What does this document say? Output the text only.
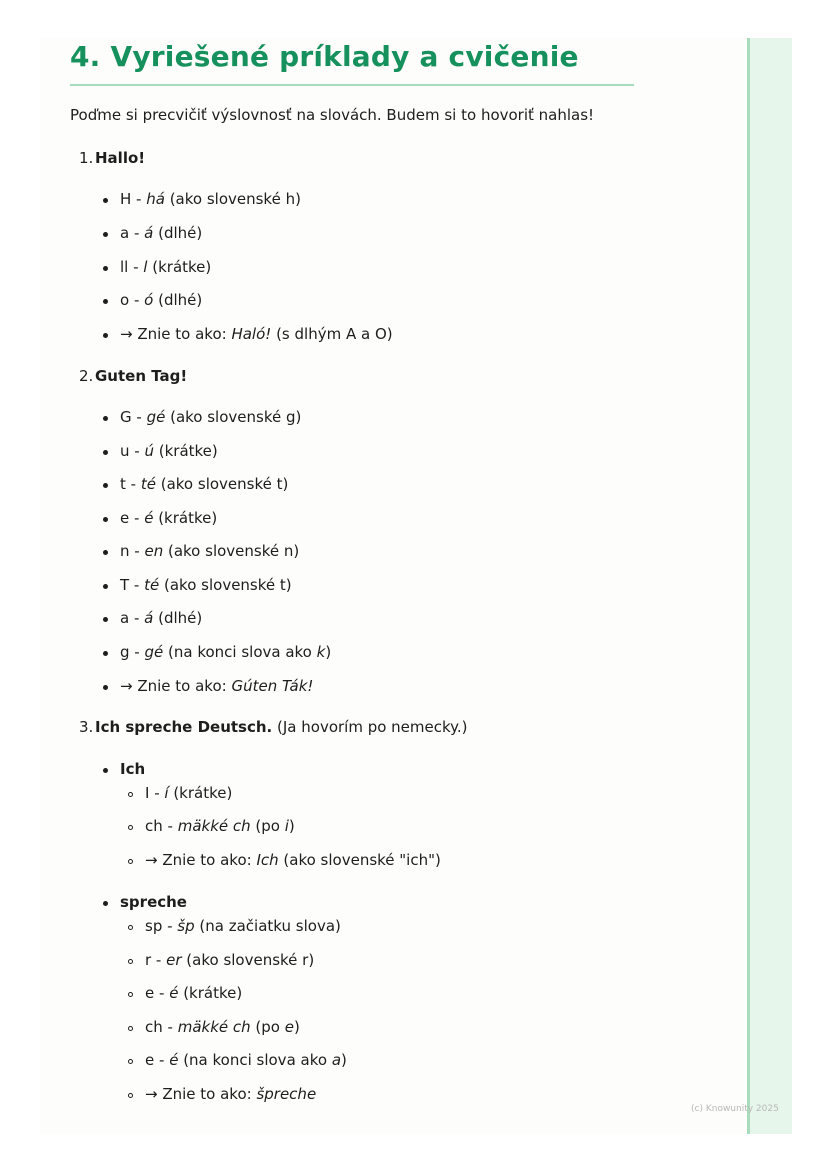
4. Vyriešené príklady a cvičenie
Poďme si precvičiť výslovnosť na slovách. Budem si to hovoriť nahlas!
1. Hallo!
H - há (ako slovenské h)
a - á (dlhé)
ll - l (krátke)
o - ó (dlhé)
→ Znie to ako: Haló! (s dlhým A a O)
2. Guten Tag!
G - gé (ako slovenské g)
u - ú (krátke)
t - té (ako slovenské t)
e - é (krátke)
n - en (ako slovenské n)
T - té (ako slovenské t)
a - á (dlhé)
g - gé (na konci slova ako k)
→ Znie to ako: Gúten Ták!
3. Ich spreche Deutsch. (Ja hovorím po nemecky.)
Ich
I - í (krátke)
ch - mäkké ch (po i)
→ Znie to ako: Ich (ako slovenské "ich")
spreche
sp - šp (na začiatku slova)
r - er (ako slovenské r)
e - é (krátke)
ch - mäkké ch (po e)
e - é (na konci slova ako a)
→ Znie to ako: špreche
(c) Knowunity 2025
